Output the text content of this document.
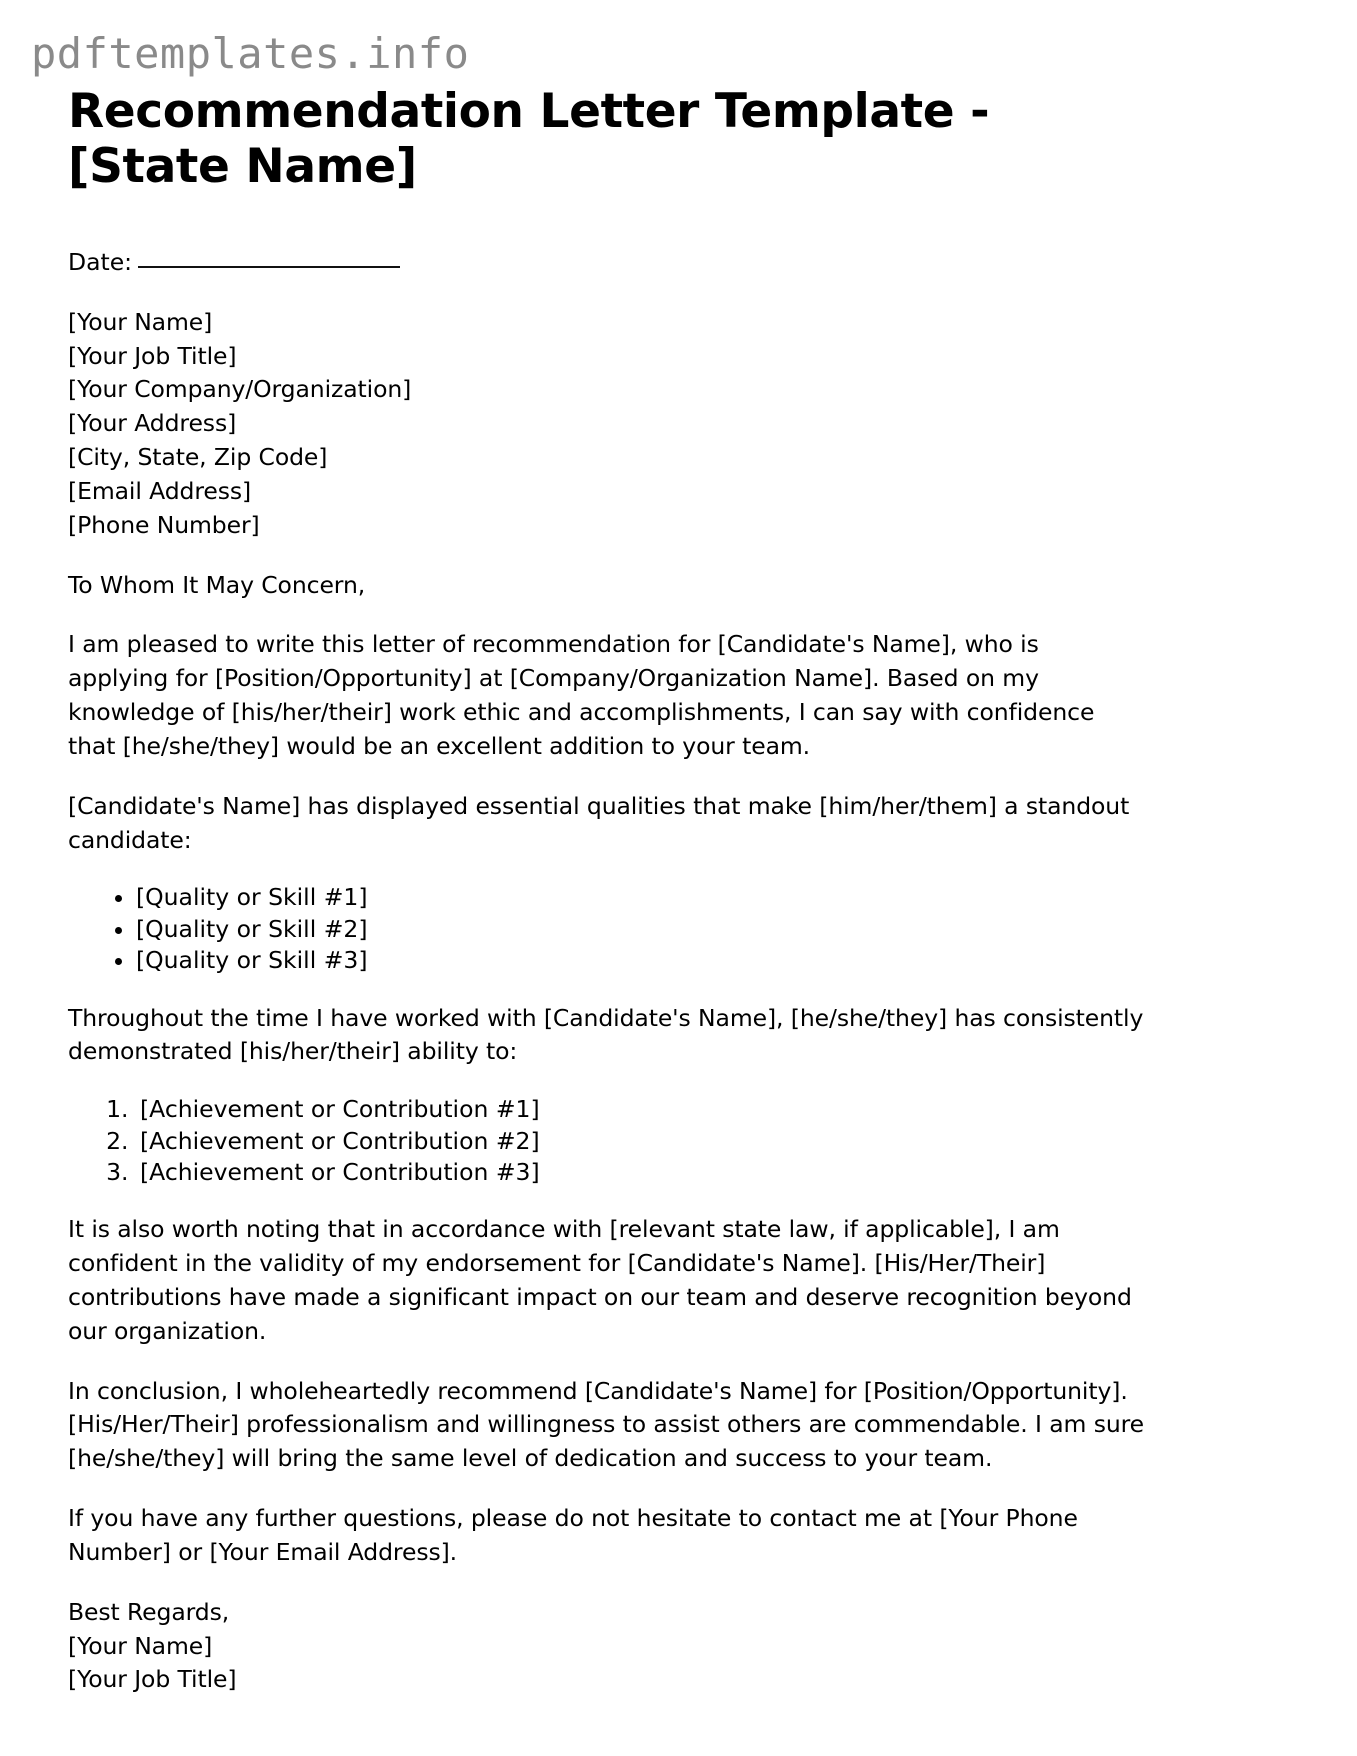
pdftemplates.info
Recommendation Letter Template - [State Name]
Date:
[Your Name]
[Your Job Title]
[Your Company/Organization]
[Your Address]
[City, State, Zip Code]
[Email Address]
[Phone Number]

To Whom It May Concern,

I am pleased to write this letter of recommendation for [Candidate's Name], who is applying for [Position/Opportunity] at [Company/Organization Name]. Based on my knowledge of [his/her/their] work ethic and accomplishments, I can say with confidence that [he/she/they] would be an excellent addition to your team.

[Candidate's Name] has displayed essential qualities that make [him/her/them] a standout candidate:

• [Quality or Skill #1]
• [Quality or Skill #2]
• [Quality or Skill #3]

Throughout the time I have worked with [Candidate's Name], [he/she/they] has consistently demonstrated [his/her/their] ability to:

1. [Achievement or Contribution #1]
2. [Achievement or Contribution #2]
3. [Achievement or Contribution #3]

It is also worth noting that in accordance with [relevant state law, if applicable], I am confident in the validity of my endorsement for [Candidate's Name]. [His/Her/Their] contributions have made a significant impact on our team and deserve recognition beyond our organization.

In conclusion, I wholeheartedly recommend [Candidate's Name] for [Position/Opportunity]. [His/Her/Their] professionalism and willingness to assist others are commendable. I am sure [he/she/they] will bring the same level of dedication and success to your team.

If you have any further questions, please do not hesitate to contact me at [Your Phone Number] or [Your Email Address].

Best Regards,
[Your Name]
[Your Job Title]
